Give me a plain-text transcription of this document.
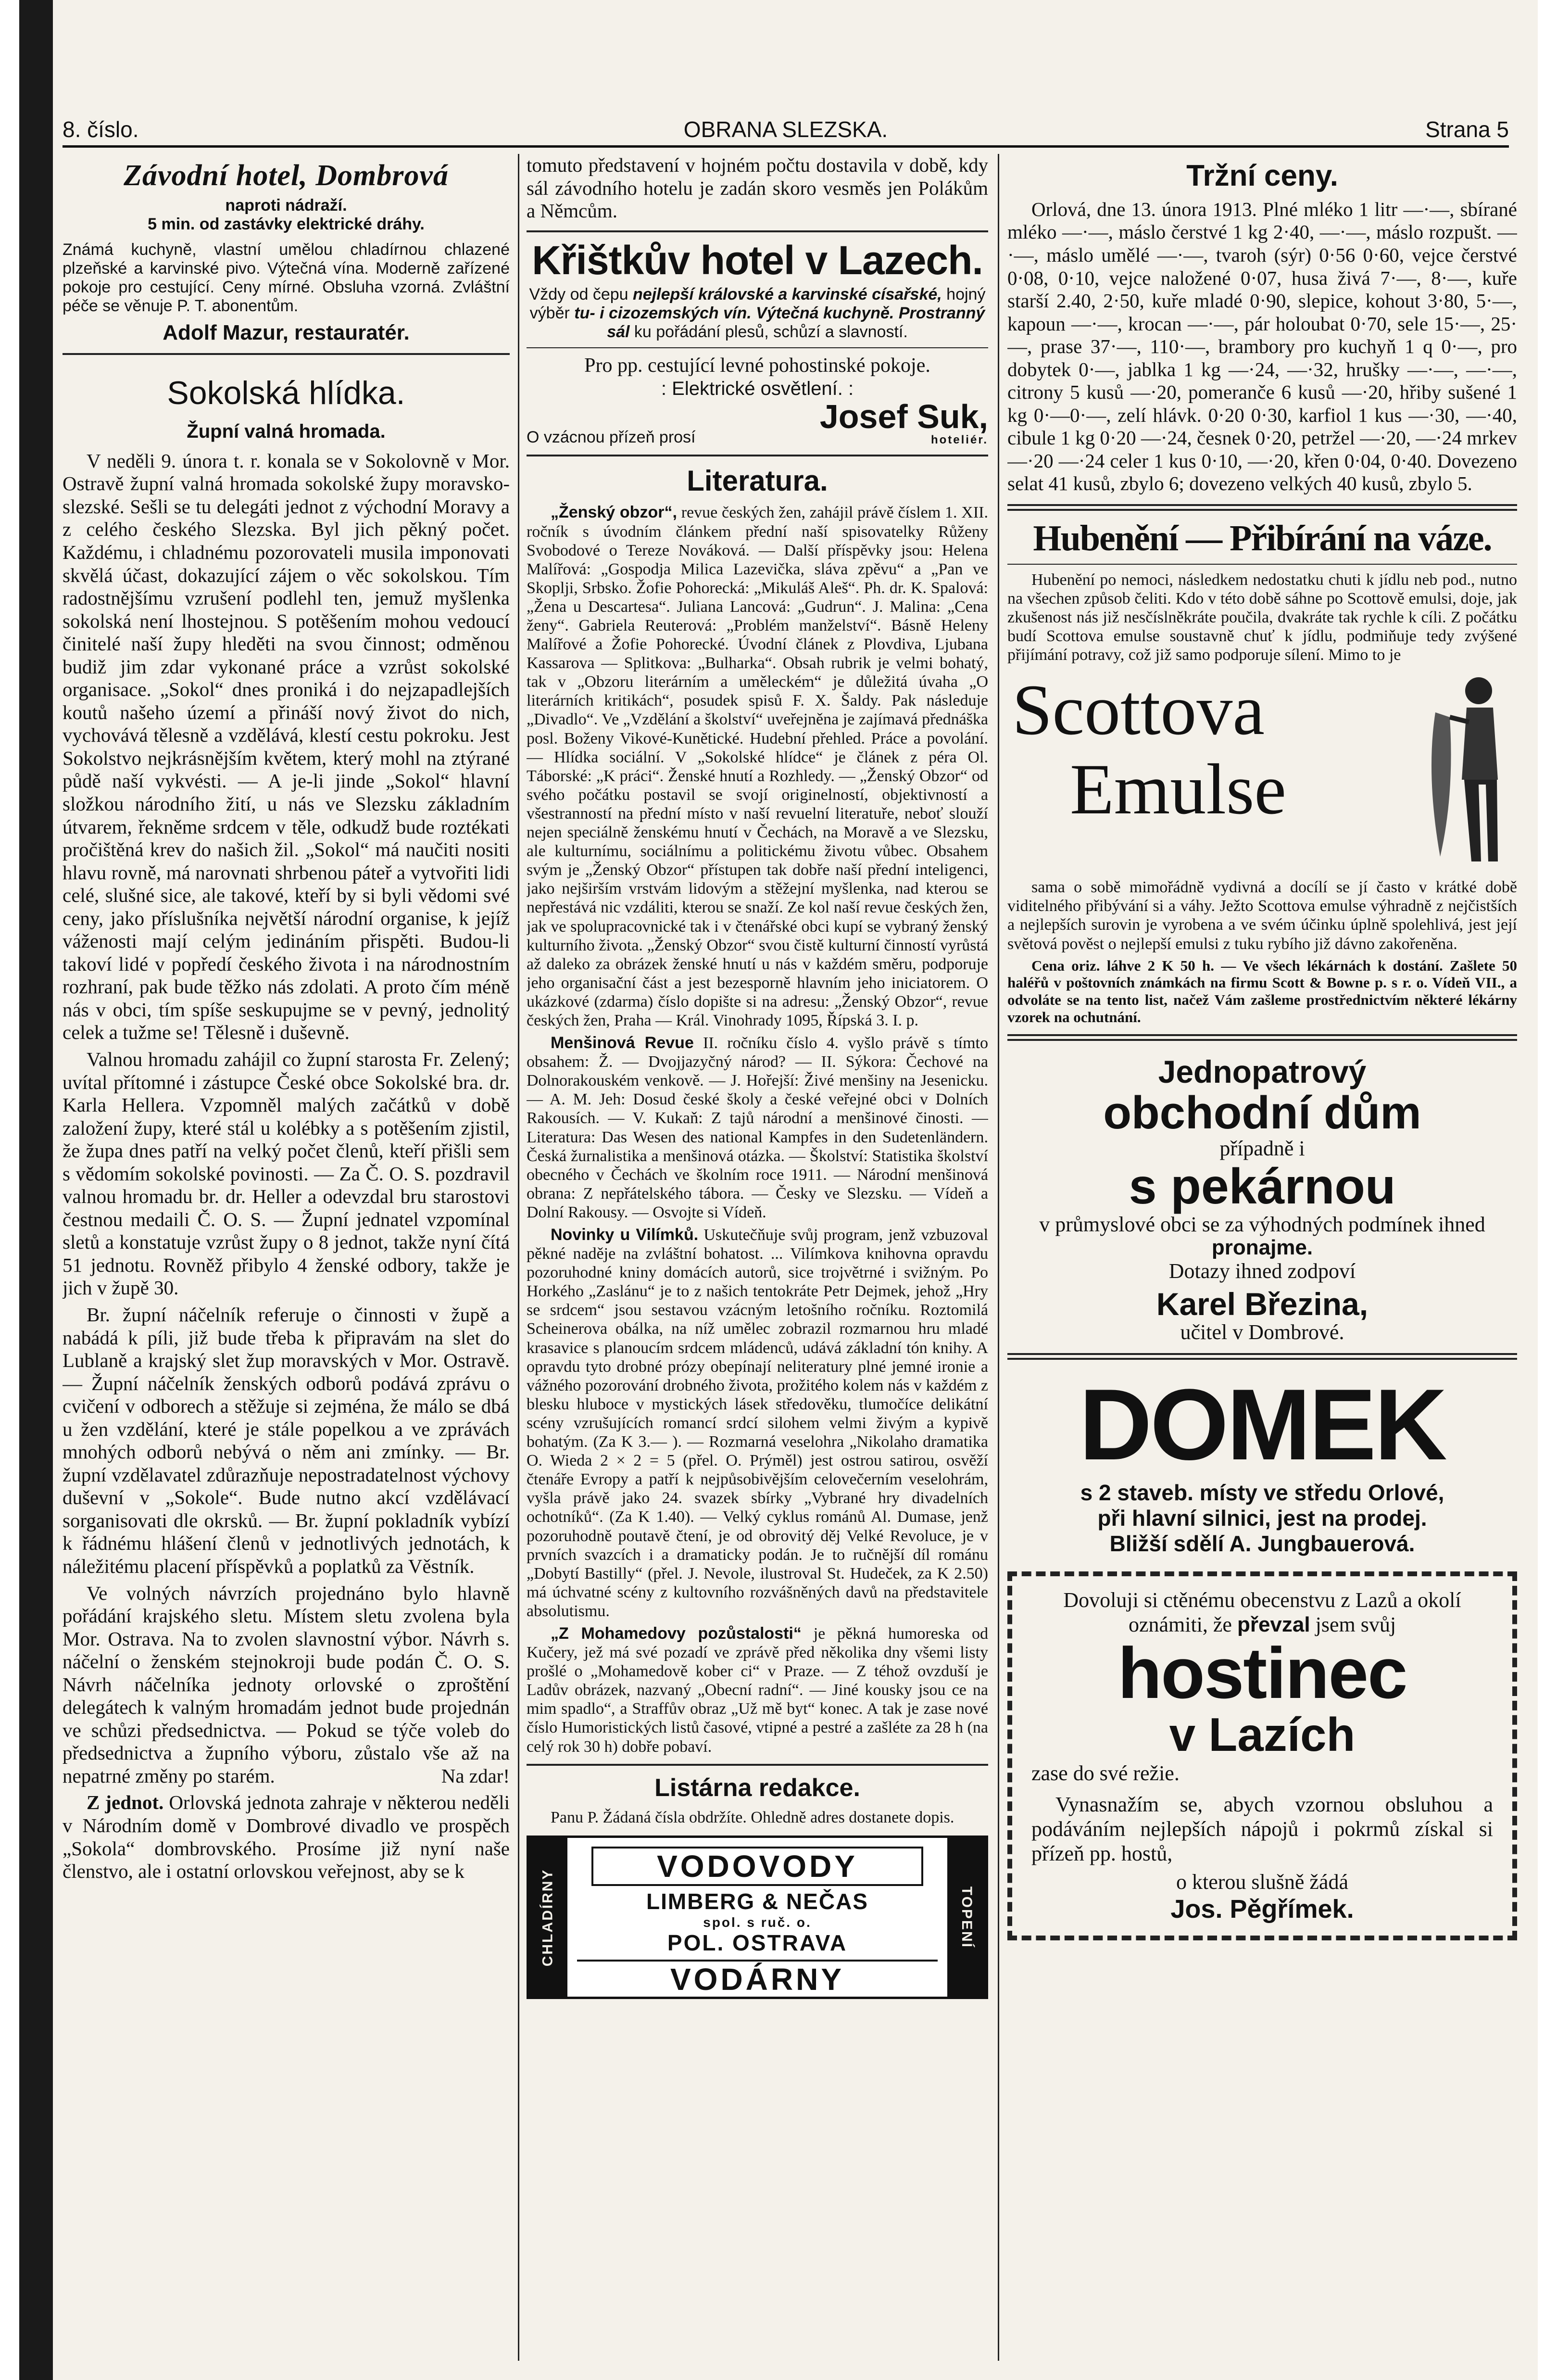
8. číslo.	OBRANA SLEZSKA.	Strana 5
Závodní hotel, Dombrová
naproti nádraží.
5 min. od zastávky elektrické dráhy.
Známá kuchyně, vlastní umělou chladírnou chlazené plzeňské a karvinské pivo. Výtečná vína. Moderně zařízené pokoje pro cestující. Ceny mírné. Obsluha vzorná. Zvláštní péče se věnuje P. T. abonentům.
Adolf Mazur, restauratér.
Sokolská hlídka.
Župní valná hromada.

V neděli 9. února t. r. konala se v Sokolovně v Mor. Ostravě župní valná hromada sokolské župy moravsko-slezské. Sešli se tu delegáti jednot z východní Moravy a z celého českého Slezska. Byl jich pěkný počet. Každému, i chladnému pozorovateli musila imponovati skvělá účast, dokazující zájem o věc sokolskou. Tím radostnějšímu vzrušení podlehl ten, jemuž myšlenka sokolská není lhostejnou. S potěšením mohou vedoucí činitelé naší župy hleděti na svou činnost; odměnou budiž jim zdar vykonané práce a vzrůst sokolské organisace. „Sokol“ dnes proniká i do nejzapadlejších koutů našeho území a přináší nový život do nich, vychovává tělesně a vzdělává, klestí cestu pokroku. Jest Sokolstvo nejkrásnějším květem, který mohl na ztýrané půdě naší vykvésti. — A je-li jinde „Sokol“ hlavní složkou národního žití, u nás ve Slezsku základním útvarem, řekněme srdcem v těle, odkudž bude roztékati pročištěná krev do našich žil. „Sokol“ má naučiti nositi hlavu rovně, má narovnati shrbenou páteř a vytvořiti lidi celé, slušné sice, ale takové, kteří by si byli vědomi své ceny, jako příslušníka největší národní organise, k jejíž váženosti mají celým jedináním přispěti. Budou-li takoví lidé v popředí českého života i na národnostním rozhraní, pak bude těžko nás zdolati. A proto čím méně nás v obci, tím spíše seskupujme se v pevný, jednolitý celek a tužme se! Tělesně i duševně.

Valnou hromadu zahájil co župní starosta Fr. Zelený; uvítal přítomné i zástupce České obce Sokolské bra. dr. Karla Hellera. Vzpomněl malých začátků v době založení župy, které stál u kolébky a s potěšením zjistil, že župa dnes patří na velký počet členů, kteří přišli sem s vědomím sokolské povinosti. — Za Č. O. S. pozdravil valnou hromadu br. dr. Heller a odevzdal bru starostovi čestnou medaili Č. O. S. — Župní jednatel vzpomínal sletů a konstatuje vzrůst župy o 8 jednot, takže nyní čítá 51 jednotu. Rovněž přibylo 4 ženské odbory, takže je jich v župě 30.

Br. župní náčelník referuje o činnosti v župě a nabádá k píli, již bude třeba k připravám na slet do Lublaně a krajský slet žup moravských v Mor. Ostravě. — Župní náčelník ženských odborů podává zprávu o cvičení v odborech a stěžuje si zejména, že málo se dbá u žen vzdělání, které je stále popelkou a ve zprávách mnohých odborů nebývá o něm ani zmínky. — Br. župní vzdělavatel zdůrazňuje nepostradatelnost výchovy duševní v „Sokole“. Bude nutno akcí vzdělávací sorganisovati dle okrsků. — Br. župní pokladník vybízí k řádnému hlášení členů v jednotlivých jednotách, k náležitému placení příspěvků a poplatků za Věstník.

Ve volných návrzích projednáno bylo hlavně pořádání krajského sletu. Místem sletu zvolena byla Mor. Ostrava. Na to zvolen slavnostní výbor. Návrh s. náčelní o ženském stejnokroji bude podán Č. O. S. Návrh náčelníka jednoty orlovské o zproštění delegátech k valným hromadám jednot bude projednán ve schůzi předsednictva. — Pokud se týče voleb do předsednictva a župního výboru, zůstalo vše až na nepatrné změny po starém.	Na zdar!

Z jednot. Orlovská jednota zahraje v některou neděli v Národním domě v Dombrové divadlo ve prospěch „Sokola“ dombrovského. Prosíme již nyní naše členstvo, ale i ostatní orlovskou veřejnost, aby se k

tomuto představení v hojném počtu dostavila v době, kdy sál závodního hotelu je zadán skoro vesměs jen Polákům a Němcům.

Křištkův hotel v Lazech.
Vždy od čepu nejlepší královské a karvinské císařské, hojný výběr tu- i cizozemských vín. Výtečná kuchyně. Prostranný sál ku pořádání plesů, schůzí a slavností.
Pro pp. cestující levné pohostinské pokoje.
: Elektrické osvětlení. :
O vzácnou přízeň prosí
Josef Suk,
hoteliér.
Literatura.

„Ženský obzor“, revue českých žen, zahájil právě číslem 1. XII. ročník s úvodním článkem přední naší spisovatelky Růženy Svobodové o Tereze Nováková. — Další příspěvky jsou: Helena Malířová: „Gospodja Milica Lazevička, sláva zpěvu“ a „Pan ve Skoplji, Srbsko. Žofie Pohorecká: „Mikuláš Aleš“. Ph. dr. K. Spalová: „Žena u Descartesa“. Juliana Lancová: „Gudrun“. J. Malina: „Cena ženy“. Gabriela Reuterová: „Problém manželství“. Básně Heleny Malířové a Žofie Pohorecké. Úvodní článek z Plovdiva, Ljubana Kassarova — Splitkova: „Bulharka“. Obsah rubrik je velmi bohatý, tak v „Obzoru literárním a uměleckém“ je důležitá úvaha „O literárních kritikách“, posudek spisů F. X. Šaldy. Pak následuje „Divadlo“. Ve „Vzdělání a školství“ uveřejněna je zajímavá přednáška posl. Boženy Vikové-Kunětické. Hudební přehled. Práce a povolání. — Hlídka sociální. V „Sokolské hlídce“ je článek z péra Ol. Táborské: „K práci“. Ženské hnutí a Rozhledy. — „Ženský Obzor“ od svého počátku postavil se svojí originelností, objektivností a všestranností na přední místo v naší revuelní literatuře, neboť slouží nejen speciálně ženskému hnutí v Čechách, na Moravě a ve Slezsku, ale kulturnímu, sociálnímu a politickému životu vůbec. Obsahem svým je „Ženský Obzor“ přístupen tak dobře naší přední inteligenci, jako nejširším vrstvám lidovým a stěžejní myšlenka, nad kterou se nepřestává nic vzdáliti, kterou se snaží. Ze kol naší revue českých žen, jak ve spolupracovnické tak i v čtenářské obci kupí se vybraný ženský kulturního života. „Ženský Obzor“ svou čistě kulturní činností vyrůstá až daleko za obrázek ženské hnutí u nás v každém směru, podporuje jeho organisační část a jest bezesporně hlavním jeho iniciatorem. O ukázkové (zdarma) číslo dopište si na adresu: „Ženský Obzor“, revue českých žen, Praha — Král. Vinohrady 1095, Řípská 3. I. p.

Menšinová Revue II. ročníku číslo 4. vyšlo právě s tímto obsahem: Ž. — Dvojjazyčný národ? — II. Sýkora: Čechové na Dolnorakouském venkově. — J. Hořejší: Živé menšiny na Jesenicku. — A. M. Jeh: Dosud české školy a české veřejné obci v Dolních Rakousích. — V. Kukaň: Z tajů národní a menšinové činosti. — Literatura: Das Wesen des national Kampfes in den Sudetenländern. Česká žurnalistika a menšinová otázka. — Školství: Statistika školství obecného v Čechách ve školním roce 1911. — Národní menšinová obrana: Z nepřátelského tábora. — Česky ve Slezsku. — Vídeň a Dolní Rakousy. — Osvojte si Vídeň.

Novinky u Vilímků. Uskutečňuje svůj program, jenž vzbuzoval pěkné naděje na zvláštní bohatost. ... Vilímkova knihovna opravdu pozoruhodné kniny domácích autorů, sice trojvětrné i svižným. Po Horkého „Zaslánu“ je to z našich tentokráte Petr Dejmek, jehož „Hry se srdcem“ jsou sestavou vzácným letošního ročníku. Roztomilá Scheinerova obálka, na níž umělec zobrazil rozmarnou hru mladé krasavice s planoucím srdcem mládenců, udává základní tón knihy. A opravdu tyto drobné prózy obepínají neliteratury plné jemné ironie a vážného pozorování drobného života, prožitého kolem nás v každém z blesku hluboce v mystických lásek středověku, tlumočíce delikátní scény vzrušujících romancí srdcí silohem velmi živým a kypivě bohatým. (Za K 3.— ). — Rozmarná veselohra „Nikolaho dramatika O. Wieda 2 × 2 = 5 (přel. O. Prýměl) jest ostrou satirou, osvěží čtenáře Evropy a patří k nejpůsobivějším celovečerním veselohrám, vyšla právě jako 24. svazek sbírky „Vybrané hry divadelních ochotníků“. (Za K 1.40). — Velký cyklus románů Al. Dumase, jenž pozoruhodně poutavě čtení, je od obrovitý děj Velké Revoluce, je v prvních svazcích i a dramaticky podán. Je to ručnější díl románu „Dobytí Bastilly“ (přel. J. Nevole, ilustroval St. Hudeček, za K 2.50) má úchvatné scény z kultovního rozvášněných davů na představitele absolutismu.

„Z Mohamedovy pozůstalosti“ je pěkná humoreska od Kučery, jež má své pozadí ve zprávě před několika dny všemi listy prošlé o „Mohamedově kober ci“ v Praze. — Z téhož ovzduší je Ladův obrázek, nazvaný „Obecní radní“. — Jiné kousky jsou ce na mim spadlo“, a Straffův obraz „Už mě byt“ konec. A tak je zase nové číslo Humoristických listů časové, vtipné a pestré a zašléte za 28 h (na celý rok 30 h) dobře pobaví.

Listárna redakce.

Panu P. Žádaná čísla obdržíte. Ohledně adres dostanete dopis.

CHLADÍRNY
VODOVODY
LIMBERG & NEČAS
spol. s ruč. o.
POL. OSTRAVA
VODÁRNY
TOPENÍ
Tržní ceny.

Orlová, dne 13. února 1913. Plné mléko 1 litr —·—, sbírané mléko —·—, máslo čerstvé 1 kg 2·40, —·—, máslo rozpušt. —·—, máslo umělé —·—, tvaroh (sýr) 0·56 0·60, vejce čerstvé 0·08, 0·10, vejce naložené 0·07, husa živá 7·—, 8·—, kuře starší 2.40, 2·50, kuře mladé 0·90, slepice, kohout 3·80, 5·—, kapoun —·—, krocan —·—, pár holoubat 0·70, sele 15·—, 25·—, prase 37·—, 110·—, brambory pro kuchyň 1 q 0·—, pro dobytek 0·—, jablka 1 kg —·24, —·32, hrušky —·—, —·—, citrony 5 kusů —·20, pomeranče 6 kusů —·20, hřiby sušené 1 kg 0·—0·—, zelí hlávk. 0·20 0·30, karfiol 1 kus —·30, —·40, cibule 1 kg 0·20 —·24, česnek 0·20, petržel —·20, —·24 mrkev —·20 —·24 celer 1 kus 0·10, —·20, křen 0·04, 0·40. Dovezeno selat 41 kusů, zbylo 6; dovezeno velkých 40 kusů, zbylo 5.

Hubenění — Přibírání na váze.

Hubenění po nemoci, následkem nedostatku chuti k jídlu neb pod., nutno na všechen způsob čeliti. Kdo v této době sáhne po Scottově emulsi, doje, jak zkušenost nás již nesčíslněkráte poučila, dvakráte tak rychle k cíli. Z počátku budí Scottova emulse soustavně chuť k jídlu, podmiňuje tedy zvýšené přijímání potravy, což již samo podporuje sílení. Mimo to je

Scottova
Emulse

sama o sobě mimořádně vydivná a docílí se jí často v krátké době viditelného přibývání si a váhy. Ježto Scottova emulse výhradně z nejčistších a nejlepších surovin je vyrobena a ve svém účinku úplně spolehlivá, jest její světová pověst o nejlepší emulsi z tuku rybího již dávno zakořeněna.

Cena oriz. láhve 2 K 50 h. — Ve všech lékárnách k dostání. Zašlete 50 haléřů v poštovních známkách na firmu Scott & Bowne p. s r. o. Vídeň VII., a odvoláte se na tento list, načež Vám zašleme prostřednictvím některé lékárny vzorek na ochutnání.

Jednopatrový
obchodní dům
případně i
s pekárnou
v průmyslové obci se za výhodných podmínek ihned pronajme.
Dotazy ihned zodpoví
Karel Březina,
učitel v Dombrové.
DOMEK
s 2 staveb. místy ve středu Orlové,
při hlavní silnici, jest na prodej.
Bližší sdělí A. Jungbauerová.
Dovoluji si ctěnému obecenstvu z Lazů a okolí oznámiti, že převzal jsem svůj
hostinec
v Lazích
zase do své režie.

Vynasnažím se, abych vzornou obsluhou a podáváním nejlepších nápojů i pokrmů získal si přízeň pp. hostů,

o kterou slušně žádá
Jos. Pěgřímek.
